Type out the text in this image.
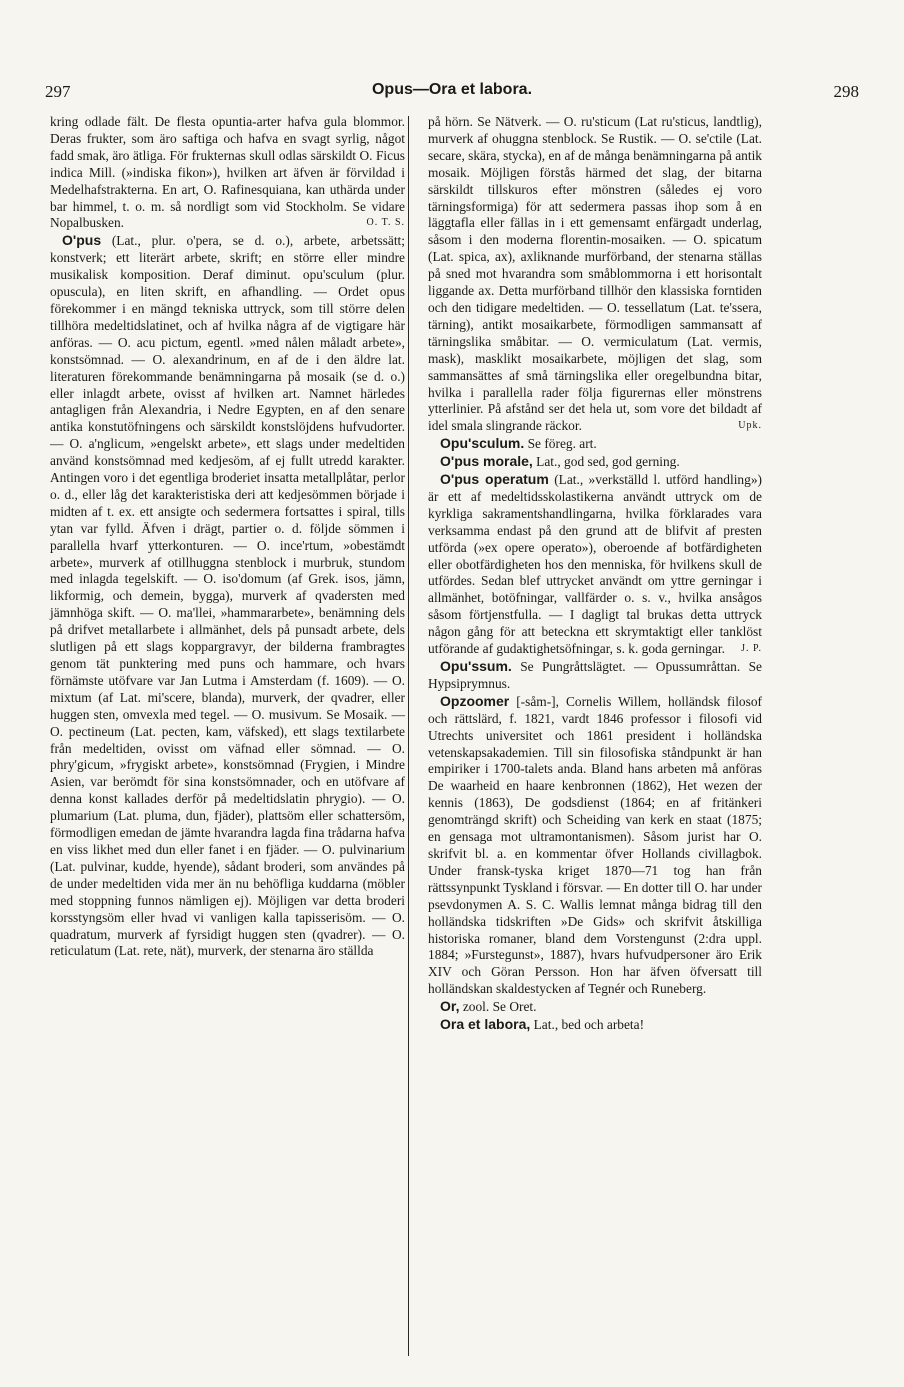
297	Opus—Ora et labora.	298

kring odlade fält. De flesta opuntia-arter hafva gula blommor. Deras frukter, som äro saftiga och hafva en svagt syrlig, något fadd smak, äro ätliga. För frukternas skull odlas särskildt O. Ficus indica Mill. (»indiska fikon»), hvilken art äfven är förvildad i Medelhafstrakterna. En art, O. Rafinesquiana, kan uthärda under bar himmel, t. o. m. så nordligt som vid Stockholm. Se vidare Nopalbusken.	O. T. S.

O'pus (Lat., plur. o'pera, se d. o.), arbete, arbetssätt; konstverk; ett literärt arbete, skrift; en större eller mindre musikalisk komposition. Deraf diminut. opu'sculum (plur. opuscula), en liten skrift, en afhandling. — Ordet opus förekommer i en mängd tekniska uttryck, som till större delen tillhöra medeltidslatinet, och af hvilka några af de vigtigare här anföras. — O. acu pictum, egentl. »med nålen måladt arbete», konstsömnad. — O. alexandrinum, en af de i den äldre lat. literaturen förekommande benämningarna på mosaik (se d. o.) eller inlagdt arbete, ovisst af hvilken art. Namnet härledes antagligen från Alexandria, i Nedre Egypten, en af den senare antika konstutöfningens och särskildt konstslöjdens hufvudorter. — O. a'nglicum, »engelskt arbete», ett slags under medeltiden använd konstsömnad med kedjesöm, af ej fullt utredd karakter. Antingen voro i det egentliga broderiet insatta metallplåtar, perlor o. d., eller låg det karakteristiska deri att kedjesömmen började i midten af t. ex. ett ansigte och sedermera fortsattes i spiral, tills ytan var fylld. Äfven i drägt, partier o. d. följde sömmen i parallella hvarf ytterkonturen. — O. ince'rtum, »obestämdt arbete», murverk af otillhuggna stenblock i murbruk, stundom med inlagda tegelskift. — O. iso'domum (af Grek. isos, jämn, likformig, och demein, bygga), murverk af qvadersten med jämnhöga skift. — O. ma'llei, »hammararbete», benämning dels på drifvet metallarbete i allmänhet, dels på punsadt arbete, dels slutligen på ett slags koppargravyr, der bilderna frambragtes genom tät punktering med puns och hammare, och hvars förnämste utöfvare var Jan Lutma i Amsterdam (f. 1609). — O. mixtum (af Lat. mi'scere, blanda), murverk, der qvadrer, eller huggen sten, omvexla med tegel. — O. musivum. Se Mosaik. — O. pectineum (Lat. pecten, kam, väfsked), ett slags textilarbete från medeltiden, ovisst om väfnad eller sömnad. — O. phry'gicum, »frygiskt arbete», konstsömnad (Frygien, i Mindre Asien, var berömdt för sina konstsömnader, och en utöfvare af denna konst kallades derför på medeltidslatin phrygio). — O. plumarium (Lat. pluma, dun, fjäder), plattsöm eller schattersöm, förmodligen emedan de jämte hvarandra lagda fina trådarna hafva en viss likhet med dun eller fanet i en fjäder. — O. pulvinarium (Lat. pulvinar, kudde, hyende), sådant broderi, som användes på de under medeltiden vida mer än nu behöfliga kuddarna (möbler med stoppning funnos nämligen ej). Möjligen var detta broderi korsstyngsöm eller hvad vi vanligen kalla tapisserisöm. — O. quadratum, murverk af fyrsidigt huggen sten (qvadrer). — O. reticulatum (Lat. rete, nät), murverk, der stenarna äro ställda

på hörn. Se Nätverk. — O. ru'sticum (Lat ru'sticus, landtlig), murverk af ohuggna stenblock. Se Rustik. — O. se'ctile (Lat. secare, skära, stycka), en af de många benämningarna på antik mosaik. Möjligen förstås härmed det slag, der bitarna särskildt tillskuros efter mönstren (således ej voro tärningsformiga) för att sedermera passas ihop som å en läggtafla eller fällas in i ett gemensamt enfärgadt underlag, såsom i den moderna florentin-mosaiken. — O. spicatum (Lat. spica, ax), axliknande murförband, der stenarna ställas på sned mot hvarandra som småblommorna i ett horisontalt liggande ax. Detta murförband tillhör den klassiska forntiden och den tidigare medeltiden. — O. tessellatum (Lat. te'ssera, tärning), antikt mosaikarbete, förmodligen sammansatt af tärningslika småbitar. — O. vermiculatum (Lat. vermis, mask), masklikt mosaikarbete, möjligen det slag, som sammansättes af små tärningslika eller oregelbundna bitar, hvilka i parallella rader följa figurernas eller mönstrens ytterlinier. På afstånd ser det hela ut, som vore det bildadt af idel smala slingrande räckor.	Upk.

Opu'sculum. Se föreg. art.

O'pus morale, Lat., god sed, god gerning.

O'pus operatum (Lat., »verkställd l. utförd handling») är ett af medeltidsskolastikerna användt uttryck om de kyrkliga sakramentshandlingarna, hvilka förklarades vara verksamma endast på den grund att de blifvit af presten utförda (»ex opere operato»), oberoende af botfärdigheten eller obotfärdigheten hos den menniska, för hvilkens skull de utfördes. Sedan blef uttrycket användt om yttre gerningar i allmänhet, botöfningar, vallfärder o. s. v., hvilka ansågos såsom förtjenstfulla. — I dagligt tal brukas detta uttryck någon gång för att beteckna ett skrymtaktigt eller tanklöst utförande af gudaktighetsöfningar, s. k. goda gerningar.	J. P.

Opu'ssum. Se Pungråttslägtet. — Opussumråttan. Se Hypsiprymnus.

Opzoomer [-såm-], Cornelis Willem, holländsk filosof och rättslärd, f. 1821, vardt 1846 professor i filosofi vid Utrechts universitet och 1861 president i holländska vetenskapsakademien. Till sin filosofiska ståndpunkt är han empiriker i 1700-talets anda. Bland hans arbeten må anföras De waarheid en haare kenbronnen (1862), Het wezen der kennis (1863), De godsdienst (1864; en af fritänkeri genomträngd skrift) och Scheiding van kerk en staat (1875; en gensaga mot ultramontanismen). Såsom jurist har O. skrifvit bl. a. en kommentar öfver Hollands civillagbok. Under fransk-tyska kriget 1870—71 tog han från rättssynpunkt Tyskland i försvar. — En dotter till O. har under psevdonymen A. S. C. Wallis lemnat många bidrag till den holländska tidskriften »De Gids» och skrifvit åtskilliga historiska romaner, bland dem Vorstengunst (2:dra uppl. 1884; »Furstegunst», 1887), hvars hufvudpersoner äro Erik XIV och Göran Persson. Hon har äfven öfversatt till holländskan skaldestycken af Tegnér och Runeberg.

Or, zool. Se Oret.

Ora et labora, Lat., bed och arbeta!
